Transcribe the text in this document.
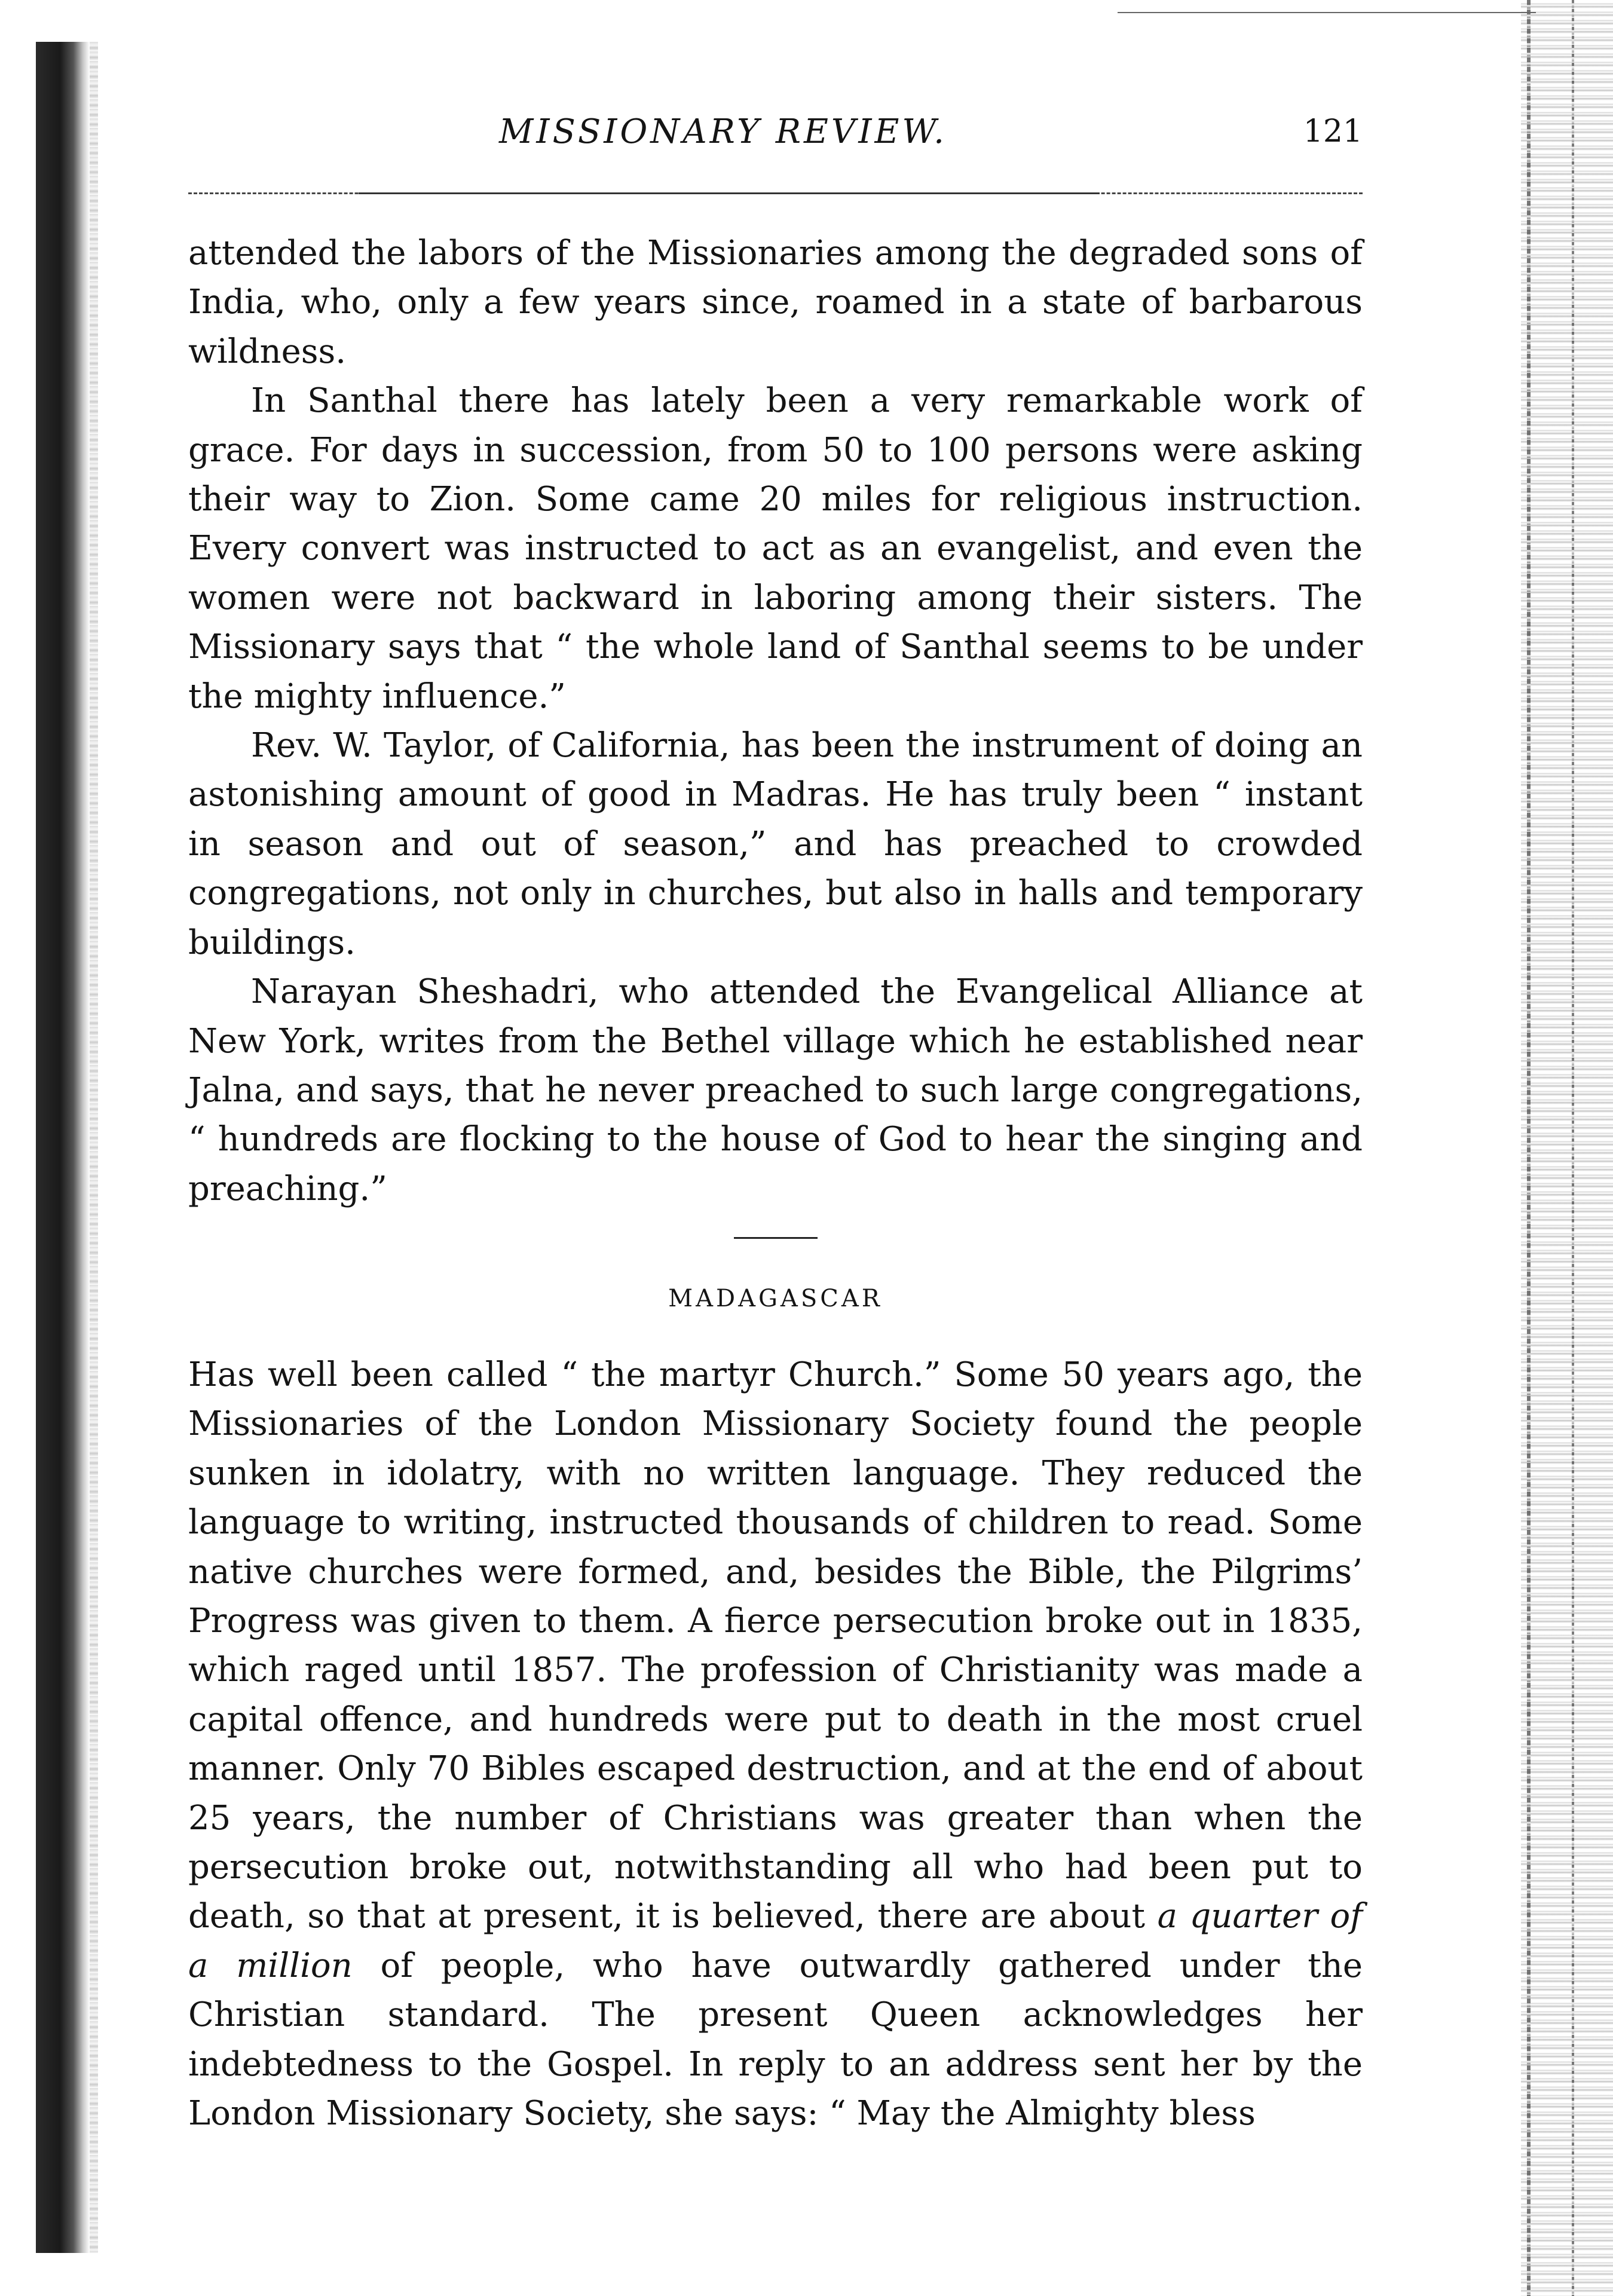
MISSIONARY REVIEW.	121

attended the labors of the Missionaries among the degraded sons of India, who, only a few years since, roamed in a state of barbarous wildness.

In Santhal there has lately been a very remarkable work of grace. For days in succession, from 50 to 100 persons were asking their way to Zion. Some came 20 miles for religious instruction. Every convert was instructed to act as an evangelist, and even the women were not backward in laboring among their sisters. The Missionary says that “ the whole land of Santhal seems to be under the mighty influence.”

Rev. W. Taylor, of California, has been the instrument of doing an astonishing amount of good in Madras. He has truly been “ instant in season and out of season,” and has preached to crowded congregations, not only in churches, but also in halls and temporary buildings.

Narayan Sheshadri, who attended the Evangelical Alliance at New York, writes from the Bethel village which he established near Jalna, and says, that he never preached to such large congregations, “ hundreds are flocking to the house of God to hear the singing and preaching.”

MADAGASCAR

Has well been called “ the martyr Church.” Some 50 years ago, the Missionaries of the London Missionary Society found the people sunken in idolatry, with no written language. They reduced the language to writing, instructed thousands of children to read. Some native churches were formed, and, besides the Bible, the Pilgrims’ Progress was given to them. A fierce persecution broke out in 1835, which raged until 1857. The profession of Christianity was made a capital offence, and hundreds were put to death in the most cruel manner. Only 70 Bibles escaped destruction, and at the end of about 25 years, the number of Christians was greater than when the persecution broke out, notwithstanding all who had been put to death, so that at present, it is believed, there are about a quarter of a million of people, who have outwardly gathered under the Christian standard. The present Queen acknowledges her indebtedness to the Gospel. In reply to an address sent her by the London Missionary Society, she says: “ May the Almighty bless
